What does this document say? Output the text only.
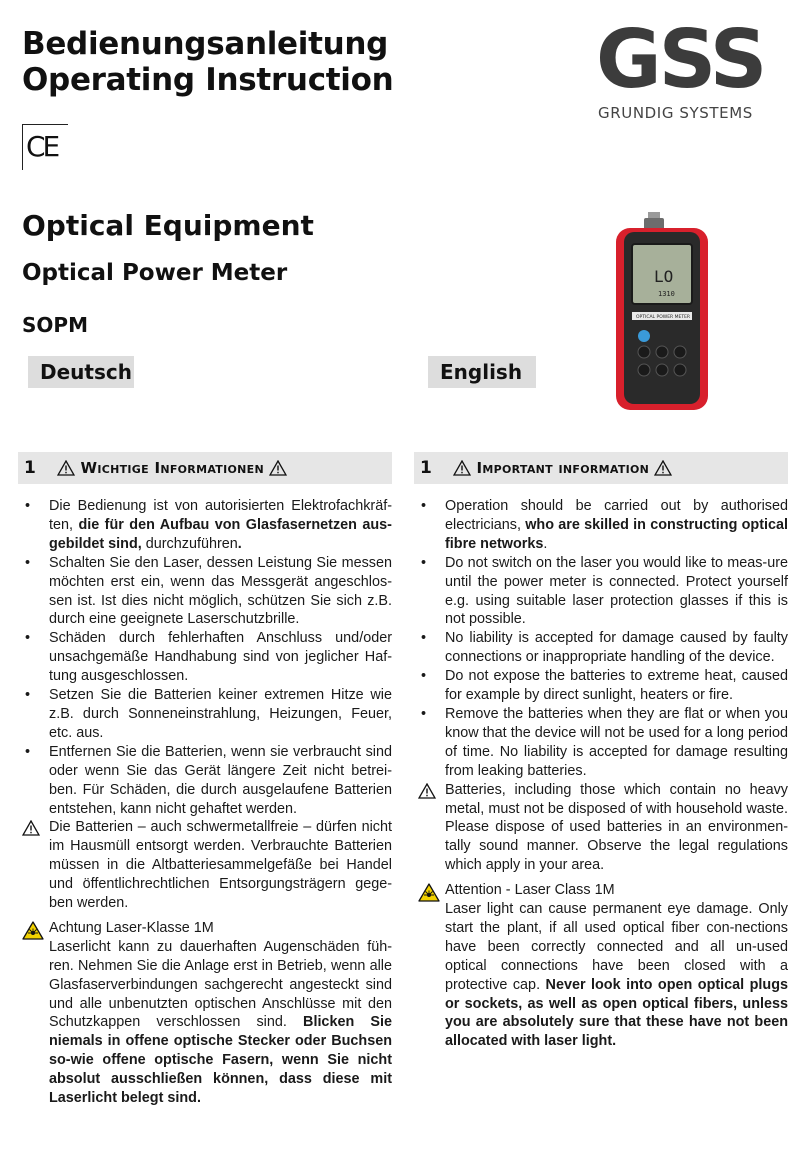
Bedienungsanleitung
Operating Instruction
CE
GSS
GRUNDIG SYSTEMS
Optical Equipment
Optical Power Meter
SOPM
Deutsch	English
LO
1310
OPTICAL POWER METER
1	Wichtige Informationen	1	Important information
• Die Bedienung ist von autorisierten Elektrofachkräf-ten, die für den Aufbau von Glasfasernetzen aus-gebildet sind, durchzuführen.
• Schalten Sie den Laser, dessen Leistung Sie messen möchten erst ein, wenn das Messgerät angeschlos-sen ist. Ist dies nicht möglich, schützen Sie sich z.B. durch eine geeignete Laserschutzbrille.
• Schäden durch fehlerhaften Anschluss und/oder unsachgemäße Handhabung sind von jeglicher Haf-tung ausgeschlossen.
• Setzen Sie die Batterien keiner extremen Hitze wie z.B. durch Sonneneinstrahlung, Heizungen, Feuer, etc. aus.
• Entfernen Sie die Batterien, wenn sie verbraucht sind oder wenn Sie das Gerät längere Zeit nicht betrei-ben. Für Schäden, die durch ausgelaufene Batterien entstehen, kann nicht gehaftet werden.
Die Batterien – auch schwermetallfreie – dürfen nicht im Hausmüll entsorgt werden. Verbrauchte Batterien müssen in die Altbatteriesammelgefäße bei Handel und öffentlichrechtlichen Entsorgungsträgern gege-ben werden.
Achtung Laser-Klasse 1M
Laserlicht kann zu dauerhaften Augenschäden füh-ren. Nehmen Sie die Anlage erst in Betrieb, wenn alle Glasfaserverbindungen sachgerecht angesteckt sind und alle unbenutzten optischen Anschlüsse mit den Schutzkappen verschlossen sind. Blicken Sie niemals in offene optische Stecker oder Buchsen so-wie offene optische Fasern, wenn Sie nicht absolut ausschließen können, dass diese mit Laserlicht belegt sind.
• Operation should be carried out by authorised electricians, who are skilled in constructing optical fibre networks.
• Do not switch on the laser you would like to meas-ure until the power meter is connected. Protect yourself e.g. using suitable laser protection glasses if this is not possible.
• No liability is accepted for damage caused by faulty connections or inappropriate handling of the device.
• Do not expose the batteries to extreme heat, caused for example by direct sunlight, heaters or fire.
• Remove the batteries when they are flat or when you know that the device will not be used for a long period of time. No liability is accepted for damage resulting from leaking batteries.
Batteries, including those which contain no heavy metal, must not be disposed of with household waste. Please dispose of used batteries in an environmen-tally sound manner. Observe the legal regulations which apply in your area.
Attention - Laser Class 1M
Laser light can cause permanent eye damage. Only start the plant, if all used optical fiber con-nections have been correctly connected and all un-used optical connections have been closed with a protective cap. Never look into open optical plugs or sockets, as well as open optical fibers, unless you are absolutely sure that these have not been allocated with laser light.
